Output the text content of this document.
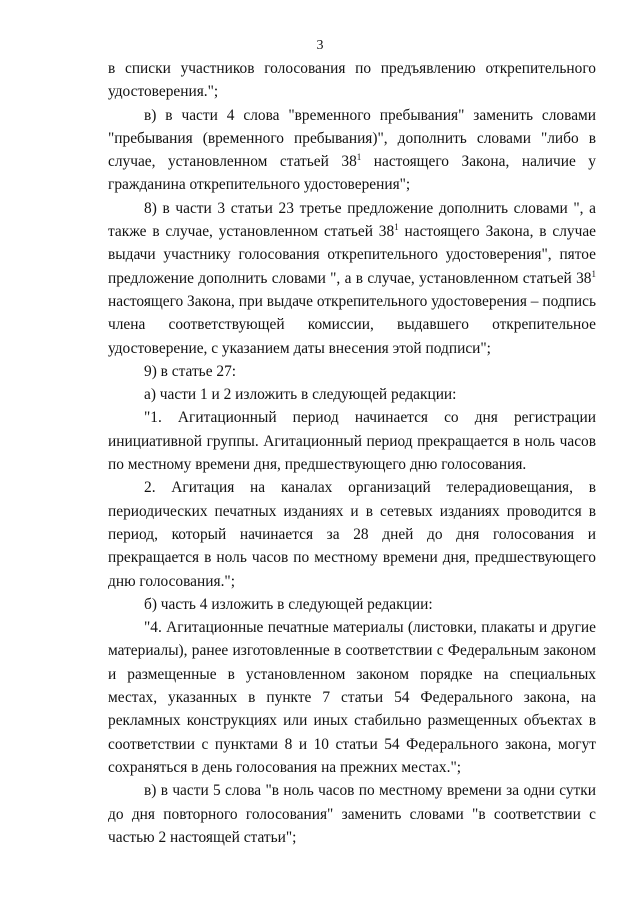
3

в списки участников голосования по предъявлению открепительного удостоверения.";

в) в части 4 слова "временного пребывания" заменить словами "пребывания (временного пребывания)", дополнить словами "либо в случае, установленном статьей $38^1$ настоящего Закона, наличие у гражданина открепительного удостоверения";

8) в части 3 статьи 23 третье предложение дополнить словами ", а также в случае, установленном статьей $38^1$ настоящего Закона, в случае выдачи участнику голосования открепительного удостоверения", пятое предложение дополнить словами ", а в случае, установленном статьей $38^1$ настоящего Закона, при выдаче открепительного удостоверения – подпись члена соответствующей комиссии, выдавшего открепительное удостоверение, с указанием даты внесения этой подписи";

9) в статье 27:

а) части 1 и 2 изложить в следующей редакции:

"1. Агитационный период начинается со дня регистрации инициативной группы. Агитационный период прекращается в ноль часов по местному времени дня, предшествующего дню голосования.

2. Агитация на каналах организаций телерадиовещания, в периодических печатных изданиях и в сетевых изданиях проводится в период, который начинается за 28 дней до дня голосования и прекращается в ноль часов по местному времени дня, предшествующего дню голосования.";

б) часть 4 изложить в следующей редакции:

"4. Агитационные печатные материалы (листовки, плакаты и другие материалы), ранее изготовленные в соответствии с Федеральным законом и размещенные в установленном законом порядке на специальных местах, указанных в пункте 7 статьи 54 Федерального закона, на рекламных конструкциях или иных стабильно размещенных объектах в соответствии с пунктами 8 и 10 статьи 54 Федерального закона, могут сохраняться в день голосования на прежних местах.";

в) в части 5 слова "в ноль часов по местному времени за одни сутки до дня повторного голосования" заменить словами "в соответствии с частью 2 настоящей статьи";
